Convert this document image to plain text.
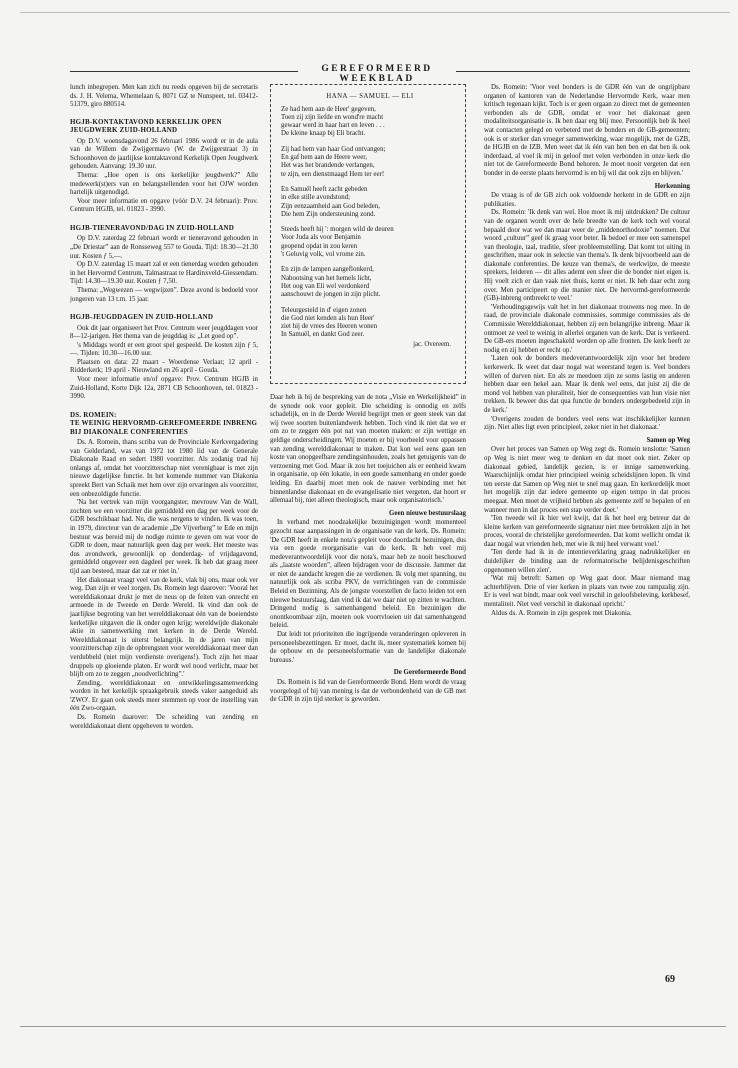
GEREFORMEERD WEEKBLAD

lunch inbegrepen. Men kan zich nu reeds opgeven bij de secretaris ds. J. H. Velema, Whemelaan 6, 8071 GZ te Nunspeet, tel. 03412-51379, giro 880514.

HGJB-KONTAKTAVOND KERKELIJK OPEN JEUGDWERK ZUID-HOLLAND

Op D.V. woensdagavond 26 februari 1986 wordt er in de aula van de Willem de Zwijgermavo (W. de Zwijgerstraat 3) in Schoonhoven de jaarlijkse kontaktavond Kerkelijk Open Jeugdwerk gehouden. Aanvang: 19.30 uur.

Thema: „Hoe open is ons kerkelijke jeugdwerk?” Alle medewerk(st)ers van en belangstellenden voor het OJW worden hartelijk uitgenodigd.

Voor meer informatie en opgave (vóór D.V. 24 februari): Prov. Centrum HGJB, tel. 01823 - 3990.

HGJB-TIENERAVOND/DAG IN ZUID-HOLLAND

Op D.V. zaterdag 22 februari wordt er tieneravond gehouden in „De Driestar” aan de Ronsseweg 557 te Gouda. Tijd: 18.30—21.30 uur. Kosten ƒ 5,—.

Op D.V. zaterdag 15 maart zal er een tienerdag worden gehouden in het Hervormd Centrum, Talmastraat te Hardinxveld-Giessendam. Tijd: 14.30—19.30 uur. Kosten ƒ 7,50.

Thema: „Wegwezen — wegwijzen”. Deze avond is bedoeld voor jongeren van 13 t.m. 15 jaar.

HGJB-JEUGDDAGEN IN ZUID-HOLLAND

Ook dit jaar organiseert het Prov. Centrum weer jeugddagen voor 8—12-jarigen. Het thema van de jeugddag is: „Let goed op”.

's Middags wordt er een groot spel gespeeld. De kosten zijn ƒ 5,—. Tijden: 10.30—16.00 uur.

Plaatsen en data: 22 maart - Woerdense Verlaat; 12 april - Ridderkerk; 19 april - Nieuwland en 26 april - Gouda.

Voor meer informatie en/of opgave: Prov. Centrum HGJB in Zuid-Holland, Korte Dijk 12a, 2871 CB Schoonhoven, tel. 01823 - 3990.

DS. ROMEIN:
TE WEINIG HERVORMD-GEREFOMEERDE INBRENG BIJ DIAKONALE CONFERENTIES

Ds. A. Romein, thans scriba van de Provinciale Kerkvergadering van Gelderland, was van 1972 tot 1980 lid van de Generale Diakonale Raad en sedert 1980 voorzitter. Als zodanig trad hij onlangs af, omdat het voorzitterschap niet verenigbaar is met zijn nieuwe dagelijkse functie. In het komende nummer van Diakonia spreekt Bert van Schaik met hem over zijn ervaringen als voorzitter, een onbezoldigde functie.

'Na het vertrek van mijn voorgangster, mevrouw Van de Wall, zochten we een voorzitter die gemiddeld een dag per week voor de GDR beschikbaar had. Nu, die was nergens te vinden. Ik was toen, in 1979, directeur van de academie „De Vijverberg” te Ede en mijn bestuur was bereid mij de nodige ruimte te geven om wat voor de GDR te doen, maar natuurlijk geen dag per week. Het meeste was dus avondwerk, gewoonlijk op donderdag- of vrijdagavond, gemiddeld ongeveer een dagdeel per week. Ik heb dat graag meer tijd aan besteed, maar dat zat er niet in.'

Het diakonaat vraagt veel van de kerk, vlak bij ons, maar ook ver weg. Dan zijn er veel zorgen. Ds. Romein legt daarover: 'Vooral het werelddiakonaat drukt je met de neus op de feiten van onrecht en armoede in de Tweede en Derde Wereld. Ik vind dan ook de jaarlijkse begroting van het werelddiakonaat één van de boeiendste kerkelijke uitgaven die ik onder ogen krijg: wereldwijde diakonale aktie in samenwerking met kerken in de Derde Wereld. Werelddiakonaat is uiterst belangrijk. In de jaren van mijn voorzitterschap zijn de opbrengsten voor werelddiakonaat meer dan verdubbeld (niet mijn verdienste overigens!). Toch zijn het maar druppels op gloeiende platen. Er wordt wel nood verlicht, maar het blijft om zo te zeggen „noodverlichting”.'

Zending, werelddiakonaat en ontwikkelingssamenwerking worden in het kerkelijk spraakgebruik steeds vaker aangeduid als 'ZWO'. Er gaan ook steeds meer stemmen op voor de instelling van één Zwo-orgaan.

Ds. Romein daarover: 'De scheiding van zending en werelddiakonaat dient opgeheven te worden.

HANA — SAMUEL — ELI
Ze had hem aan de Heer' gegeven,
Toen zij zijn liefde en wond're macht
gewaar werd in haar hart en leven . . .
De kleine knaap bij Eli bracht.
Zij had hem van haar God ontvangen;
En gaf hem aan de Heere weer,
Het was het brandende verlangen,
te zijn, een dienstmaagd Hem ter eer!
En Samuël heeft zacht gebeden
in elke stille avondstond;
Zijn eenzaamheid aan God beleden,
Die hem Zijn ondersteuning zond.
Steeds heeft hij ': morgen wild de deuren
Voor Juda als voor Benjamin
geopend opdat in zou keren
't Geluvig volk, vol vrome zin.
En zijn de lampen aangeflonkerd,
Nabootsing van het hemels licht,
Het oog van Eli wel verdonkerd
aanschouwt de jongen in zijn plicht.
Teleurgesteld in d' eigen zonen
die God niet kenden als hun Heer'
ziet hij de vrees des Heeren wonen
In Samuël, en dankt God zeer.
jac. Overeem.

Daar heb ik bij de bespreking van de nota „Visie en Werkelijkheid” in de synode ook voor gepleit. Die scheiding is onnodig en zelfs schadelijk, en in de Derde Wereld begrijpt men er geen steek van dat wij twee soorten buitenlandwerk hebben. Toch vind ik niet dat we er om zo te zeggen één pot nat van moeten maken: er zijn wettige en geldige onderscheidingen. Wij moeten er bij voorbeeld voor oppassen van zending werelddiakonaat te maken. Dat kon wel eens gaan ten koste van onopgeefbare zendingsinhouden, zoals het getuigenis van de verzoening met God. Maar ik zou het toejuichen als er eenheid kwam in organisatie, op één lokatie, in een goede samenhang en onder goede leiding. En daarbij moet men ook de nauwe verbinding met het binnenlandse diakonaat en de evangelisatie niet vergeten, dat hoort er allemaal bij, niet alleen theologisch, maar ook organisatorisch.'

Geen nieuwe bestuurslaag

In verband met noodzakelijke bezuinigingen wordt momenteel gezocht naar aanpassingen in de organisatie van de kerk. Ds. Romein: 'De GDR heeft in enkele nota's gepleit voor doordacht bezuinigen, dus via een goede reorganisatie van de kerk. Ik heb veel mij medeverantwoordelijk voor die nota's, maar heb ze nooit beschouwd als „laatste woorden”, alleen bijdragen voor de discussie. Jammer dat er niet de aandacht kregen die ze verdienen. Ik volg met spanning, nu natuurlijk ook als scriba PKV, de verrichtingen van de commissie Beleid en Bezinning. Als de jongste voorstellen de facto leiden tot een nieuwe bestuurslaag, dan vind ik dat we daar niet op zitten te wachten. Dringend nodig is samenhangend beleid. En bezuinigen die onontkoombaar zijn, moeten ook voortvloeien uit dat samenhangend beleid.

Dat leidt tot prioriteiten die ingrijpende veranderingen opleveren in personeelsbezettingen. Er moet, dacht ik, meer systematiek komen bij de opbouw en de personeelsformatie van de landelijke diakonale bureaus.'

De Gereformeerde Bond

Ds. Romein is lid van de Gereformeerde Bond. Hem wordt de vraag voorgelegd of hij van mening is dat de verbondenheid van de GB met de GDR in zijn tijd sterker is geworden.

Ds. Romein: 'Voor veel bonders is de GDR één van de ongrijpbare organen of kantoren van de Nederlandse Hervormde Kerk, waar men kritisch tegenaan kijkt. Toch is er geen orgaan zo direct met de gemeenten verbonden als de GDR, omdat er voor het diakonaat geen modaliteitsorganisatie is. Ik ben daar erg blij mee. Persoonlijk heb ik heel wat contacten gelegd en verbeterd met de bonders en de GB-gemeenten; ook is er sterker dan vroeger samenwerking, waar mogelijk, met de GZB, de HGJB en de IZB. Men weet dat ik één van hen ben en dat ben ik ook inderdaad, al voel ik mij in geloof met velen verbonden in onze kerk die niet tot de Gereformeerde Bond behoren. Je moet nooit vergeten dat een bonder in de eerste plaats hervormd is en bij wil dat ook zijn en blijven.'

Herkenning

De vraag is of de GB zich ook voldoende herkent in de GDR en zijn publikaties.

Ds. Romein: 'Ik denk van wel. Hoe moet ik mij uitdrukken? De cultuur van de organen wordt over de hele breedte van de kerk toch wel vooral bepaald door wat we dan maar weer de „middenorthodoxie” noemen. Dat woord „cultuur” geef ik graag voor beter. Ik bedoel er mee een samenspel van theologie, taal, traditie, sfeer probleemstelling. Dat komt tot uiting in geschriften, maar ook in selectie van thema's. Ik denk bijvoorbeeld aan de diakonale conferenties. De keuze van thema's, de werkwijze, de meeste sprekers, leideren — dit alles ademt een sfeer die de bonder niet eigen is. Hij voelt zich er dan vaak niet thuis, komt er niet. Ik heb daar echt zorg over. Men participeert op die manier niet. De hervormd-gereformeerde (GB)-inbreng ontbreekt te veel.'

'Verhoudingsgewijs valt het in het diakonaat trouwens nog mee. In de raad, de provinciale diakonale commissies, sommige commissies als de Commissie Werelddiakonaat, hebben zij een belangrijke inbreng. Maar ik ontmoet ze veel te weinig in allerlei organen van de kerk. Dat is verkeerd. De GB-ers moeten ingeschakeld worden op alle fronten. De kerk heeft ze nodig en zij hebben er recht op.'

'Laten ook de bonders medeverantwoordelijk zijn voor het bredere kerkewerk. Ik weet dat daar nogal wat weerstand tegen is. Veel bonders willen of durven niet. En als ze meedoen zijn ze soms lastig en anderen hebben daar een hekel aan. Maar ik denk wel eens, dat juist zij die de mond vol hebben van pluraliteit, hier de consequenties van hun visie niet trekken. Ik beweer dus dat qua functie de bonders ondergebedeeld zijn in de kerk.'

'Overigens zouden de bonders veel eens wat inschikkelijker kunnen zijn. Niet alles ligt even principieel, zeker niet in het diakonaat.'

Samen op Weg

Over het proces van Samen op Weg zegt ds. Romein tenslotte: 'Samen op Weg is niet meer weg te denken en dat moet ook niet. Zeker op diakonaal gebied, landelijk gezien, is er innige samenwerking. Waarschijnlijk omdat hier principieel weinig scheidslijnen lopen. Ik vind ten eerste dat Samen op Weg niet te snel mag gaan. En kerkordelijk moet het mogelijk zijn dat iedere gemeente op eigen tempo in dat proces meegaat. Men moet de vrijheid hebben als gemeente zelf te bepalen of en wanneer men in dat proces een stap verder doet.'

'Ten tweede wil ik hier wel kwijt, dat ik het heel erg betreur dat de kleine kerken van gereformeerde signatuur niet mee betrokken zijn in het proces, vooral de christelijke gereformeerden. Dat komt wellicht omdat ik daar nogal wat vrienden heb, met wie ik mij heel verwant voel.'

'Ten derde had ik in de intentieverklaring graag nadrukkelijker en duidelijker de binding aan de reformatorische belijdenisgeschriften opgenomen willen zien'.

'Wat mij betreft: Samen op Weg gaat door. Maar niemand mag achterblijven. Drie of vier kerken in plaats van twee zou rampzalig zijn. Er is veel wat bindt, maar ook veel verschil in geloofsbeleving, kerkbesef, mentaliteit. Niet veel verschil in diakonaal opricht.'

Aldus ds. A. Romein in zijn gesprek met Diakonia.

69
